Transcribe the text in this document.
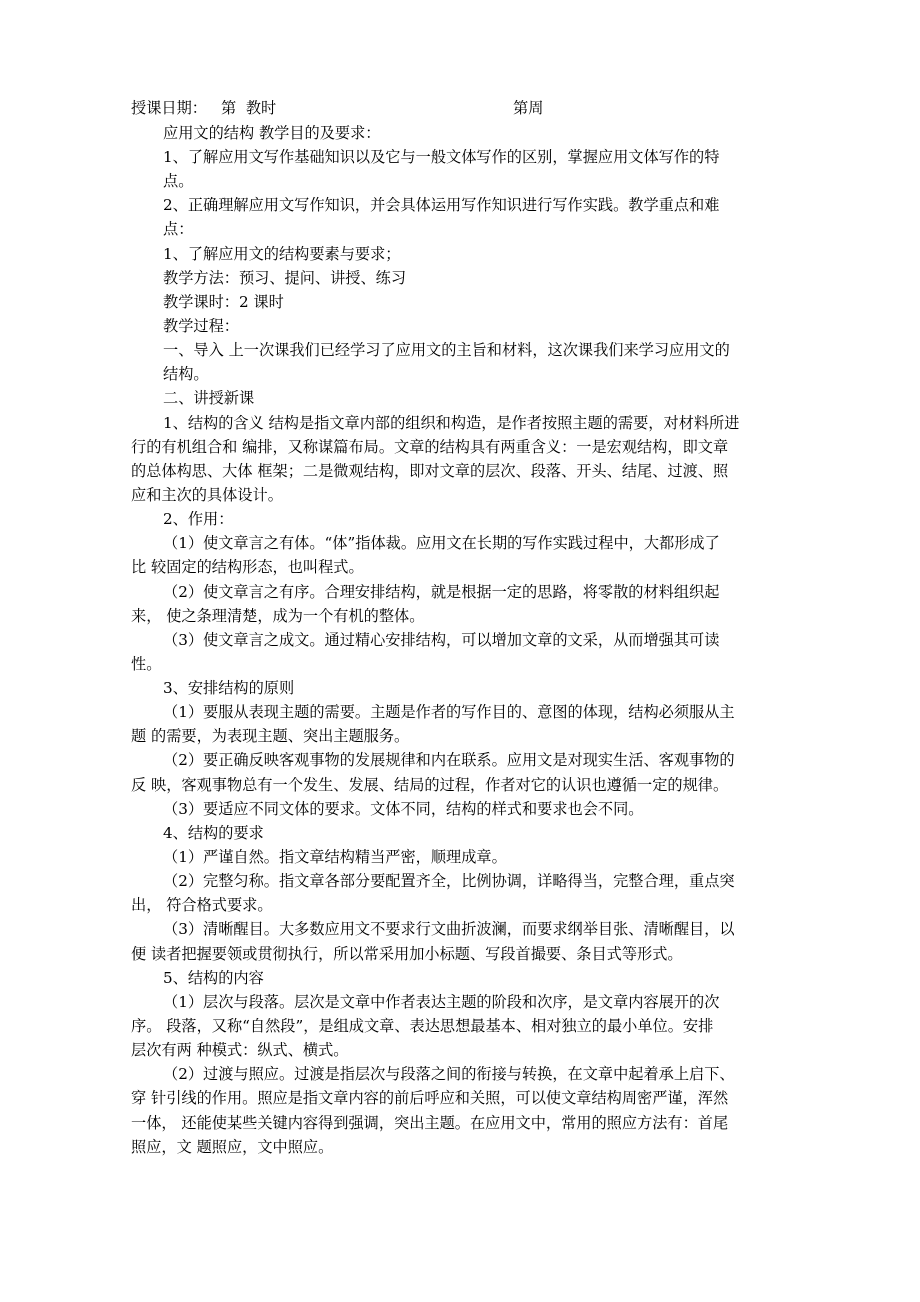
授课日期： 第  教时	第周
应用文的结构 教学目的及要求：
1、了解应用文写作基础知识以及它与一般文体写作的区别，掌握应用文体写作的特
点。
2、正确理解应用文写作知识，并会具体运用写作知识进行写作实践。教学重点和难
点：
1、了解应用文的结构要素与要求；
教学方法：预习、提问、讲授、练习
教学课时：2 课时
教学过程：
一、导入 上一次课我们已经学习了应用文的主旨和材料，这次课我们来学习应用文的
结构。
二、讲授新课
1、结构的含义 结构是指文章内部的组织和构造，是作者按照主题的需要，对材料所进
行的有机组合和 编排，又称谋篇布局。文章的结构具有两重含义：一是宏观结构，即文章
的总体构思、大体 框架；二是微观结构，即对文章的层次、段落、开头、结尾、过渡、照
应和主次的具体设计。
2、作用：
（1）使文章言之有体。“体”指体裁。应用文在长期的写作实践过程中，大都形成了
比 较固定的结构形态，也叫程式。
（2）使文章言之有序。合理安排结构，就是根据一定的思路，将零散的材料组织起
来， 使之条理清楚，成为一个有机的整体。
（3）使文章言之成文。通过精心安排结构，可以增加文章的文采，从而增强其可读
性。
3、安排结构的原则
（1）要服从表现主题的需要。主题是作者的写作目的、意图的体现，结构必须服从主
题 的需要，为表现主题、突出主题服务。
（2）要正确反映客观事物的发展规律和内在联系。应用文是对现实生活、客观事物的
反 映，客观事物总有一个发生、发展、结局的过程，作者对它的认识也遵循一定的规律。
（3）要适应不同文体的要求。文体不同，结构的样式和要求也会不同。
4、结构的要求
（1）严谨自然。指文章结构精当严密，顺理成章。
（2）完整匀称。指文章各部分要配置齐全，比例协调，详略得当，完整合理，重点突
出， 符合格式要求。
（3）清晰醒目。大多数应用文不要求行文曲折波澜，而要求纲举目张、清晰醒目，以
便 读者把握要领或贯彻执行，所以常采用加小标题、写段首撮要、条目式等形式。
5、结构的内容
（1）层次与段落。层次是文章中作者表达主题的阶段和次序，是文章内容展开的次
序。 段落，又称“自然段”，是组成文章、表达思想最基本、相对独立的最小单位。安排
层次有两 种模式：纵式、横式。
（2）过渡与照应。过渡是指层次与段落之间的衔接与转换，在文章中起着承上启下、
穿 针引线的作用。照应是指文章内容的前后呼应和关照，可以使文章结构周密严谨，浑然
一体， 还能使某些关键内容得到强调，突出主题。在应用文中，常用的照应方法有：首尾
照应，文 题照应，文中照应。
